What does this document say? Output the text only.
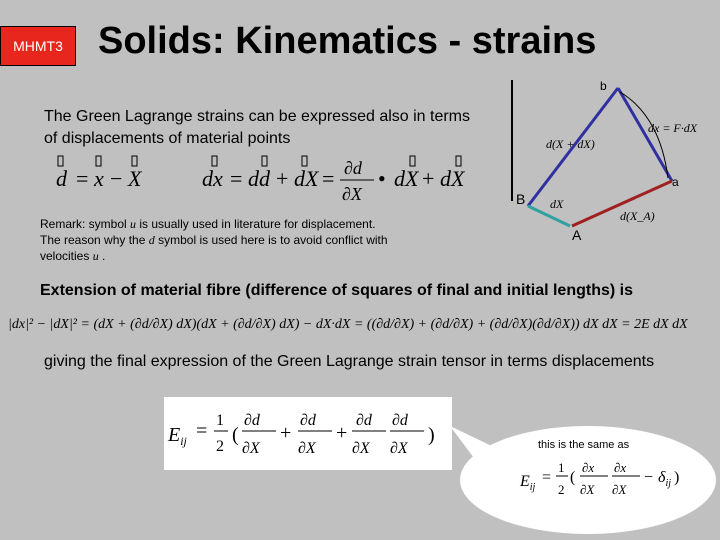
MHMT3 Solids: Kinematics - strains
The Green Lagrange strains can be expressed also in terms of displacements of material points
d = x − X	dx = dd + dX = ∂d
∂X
• dX + dX
Remark: symbol u is usually used in literature for displacement.
The reason why the d symbol is used here is to avoid conflict with
velocities u .
b
B
A
a
d(X + dX)
dx = F·dX
dX
d(X_A)
Extension of material fibre (difference of squares of final and initial lengths) is
|dx|² − |dX|² = (dX + (∂d/∂X) dX)(dX + (∂d/∂X) dX) − dX·dX = ((∂d/∂X) + (∂d/∂X) + (∂d/∂X)(∂d/∂X)) dX dX = 2E dX dX
giving the final expression of the Green Lagrange strain tensor in terms displacements
$E_{ij} = 1$
2
(
∂d
∂X
+
∂d
∂X
+
∂d
∂X
∂d
∂X
)
$E_{ij}$
=
1
2
(
∂x
∂X
∂x
∂X
− $\delta_{ij}$ )
this is the same as
